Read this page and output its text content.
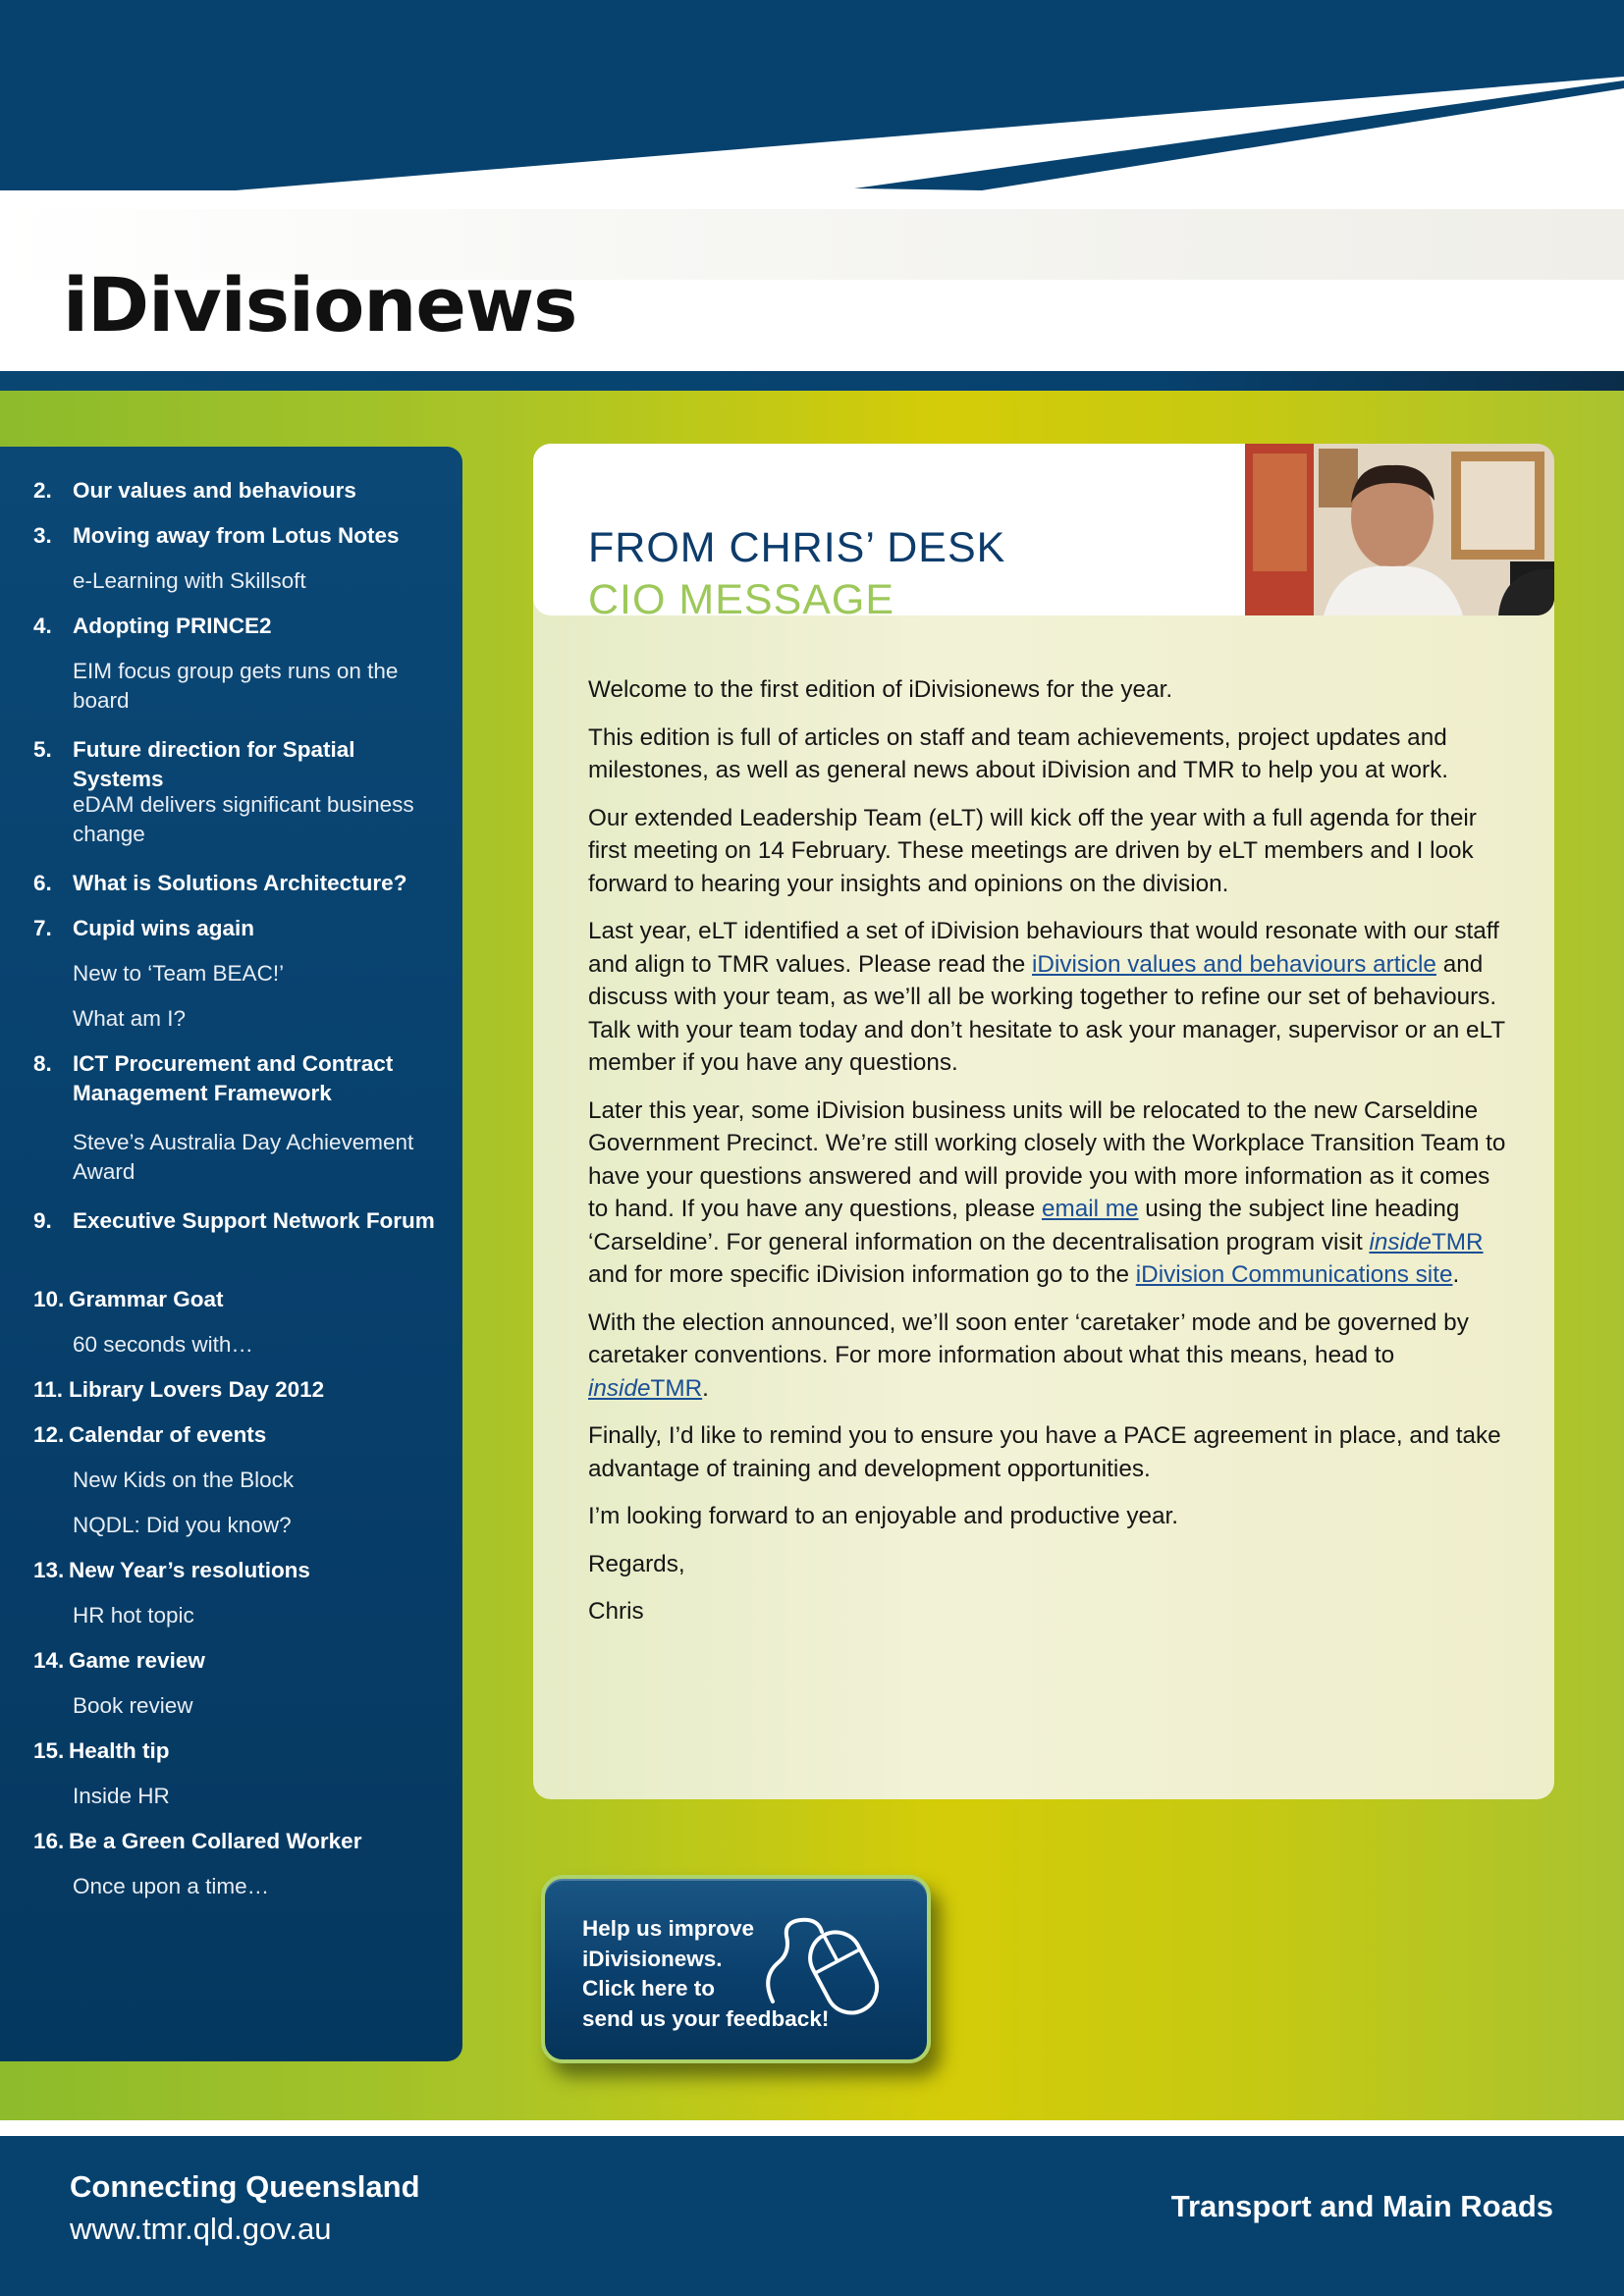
iDivisionews
2. Our values and behaviours
3. Moving away from Lotus Notes
e-Learning with Skillsoft
4. Adopting PRINCE2
EIM focus group gets runs on the board
5. Future direction for Spatial Systems
eDAM delivers significant business change
6. What is Solutions Architecture?
7. Cupid wins again
New to ‘Team BEAC!’
What am I?
8. ICT Procurement and Contract Management Framework
Steve’s Australia Day Achievement Award
9. Executive Support Network Forum
10. Grammar Goat
60 seconds with…
11. Library Lovers Day 2012
12. Calendar of events
New Kids on the Block
NQDL: Did you know?
13. New Year’s resolutions
HR hot topic
14. Game review
Book review
15. Health tip
Inside HR
16. Be a Green Collared Worker
Once upon a time…
FROM CHRIS’ DESK
CIO MESSAGE

Welcome to the first edition of iDivisionews for the year.

This edition is full of articles on staff and team achievements, project updates and milestones, as well as general news about iDivision and TMR to help you at work.

Our extended Leadership Team (eLT) will kick off the year with a full agenda for their first meeting on 14 February. These meetings are driven by eLT members and I look forward to hearing your insights and opinions on the division.

Last year, eLT identified a set of iDivision behaviours that would resonate with our staff and align to TMR values. Please read the iDivision values and behaviours article and discuss with your team, as we’ll all be working together to refine our set of behaviours. Talk with your team today and don’t hesitate to ask your manager, supervisor or an eLT member if you have any questions.

Later this year, some iDivision business units will be relocated to the new Carseldine Government Precinct. We’re still working closely with the Workplace Transition Team to have your questions answered and will provide you with more information as it comes to hand. If you have any questions, please email me using the subject line heading ‘Carseldine’. For general information on the decentralisation program visit insideTMR and for more specific iDivision information go to the iDivision Communications site.

With the election announced, we’ll soon enter ‘caretaker’ mode and be governed by caretaker conventions. For more information about what this means, head to insideTMR.

Finally, I’d like to remind you to ensure you have a PACE agreement in place, and take advantage of training and development opportunities.

I’m looking forward to an enjoyable and productive year.

Regards,

Chris

Help us improve
iDivisionews.
Click here to
send us your feedback!
Connecting Queensland
www.tmr.qld.gov.au
Transport and Main Roads
